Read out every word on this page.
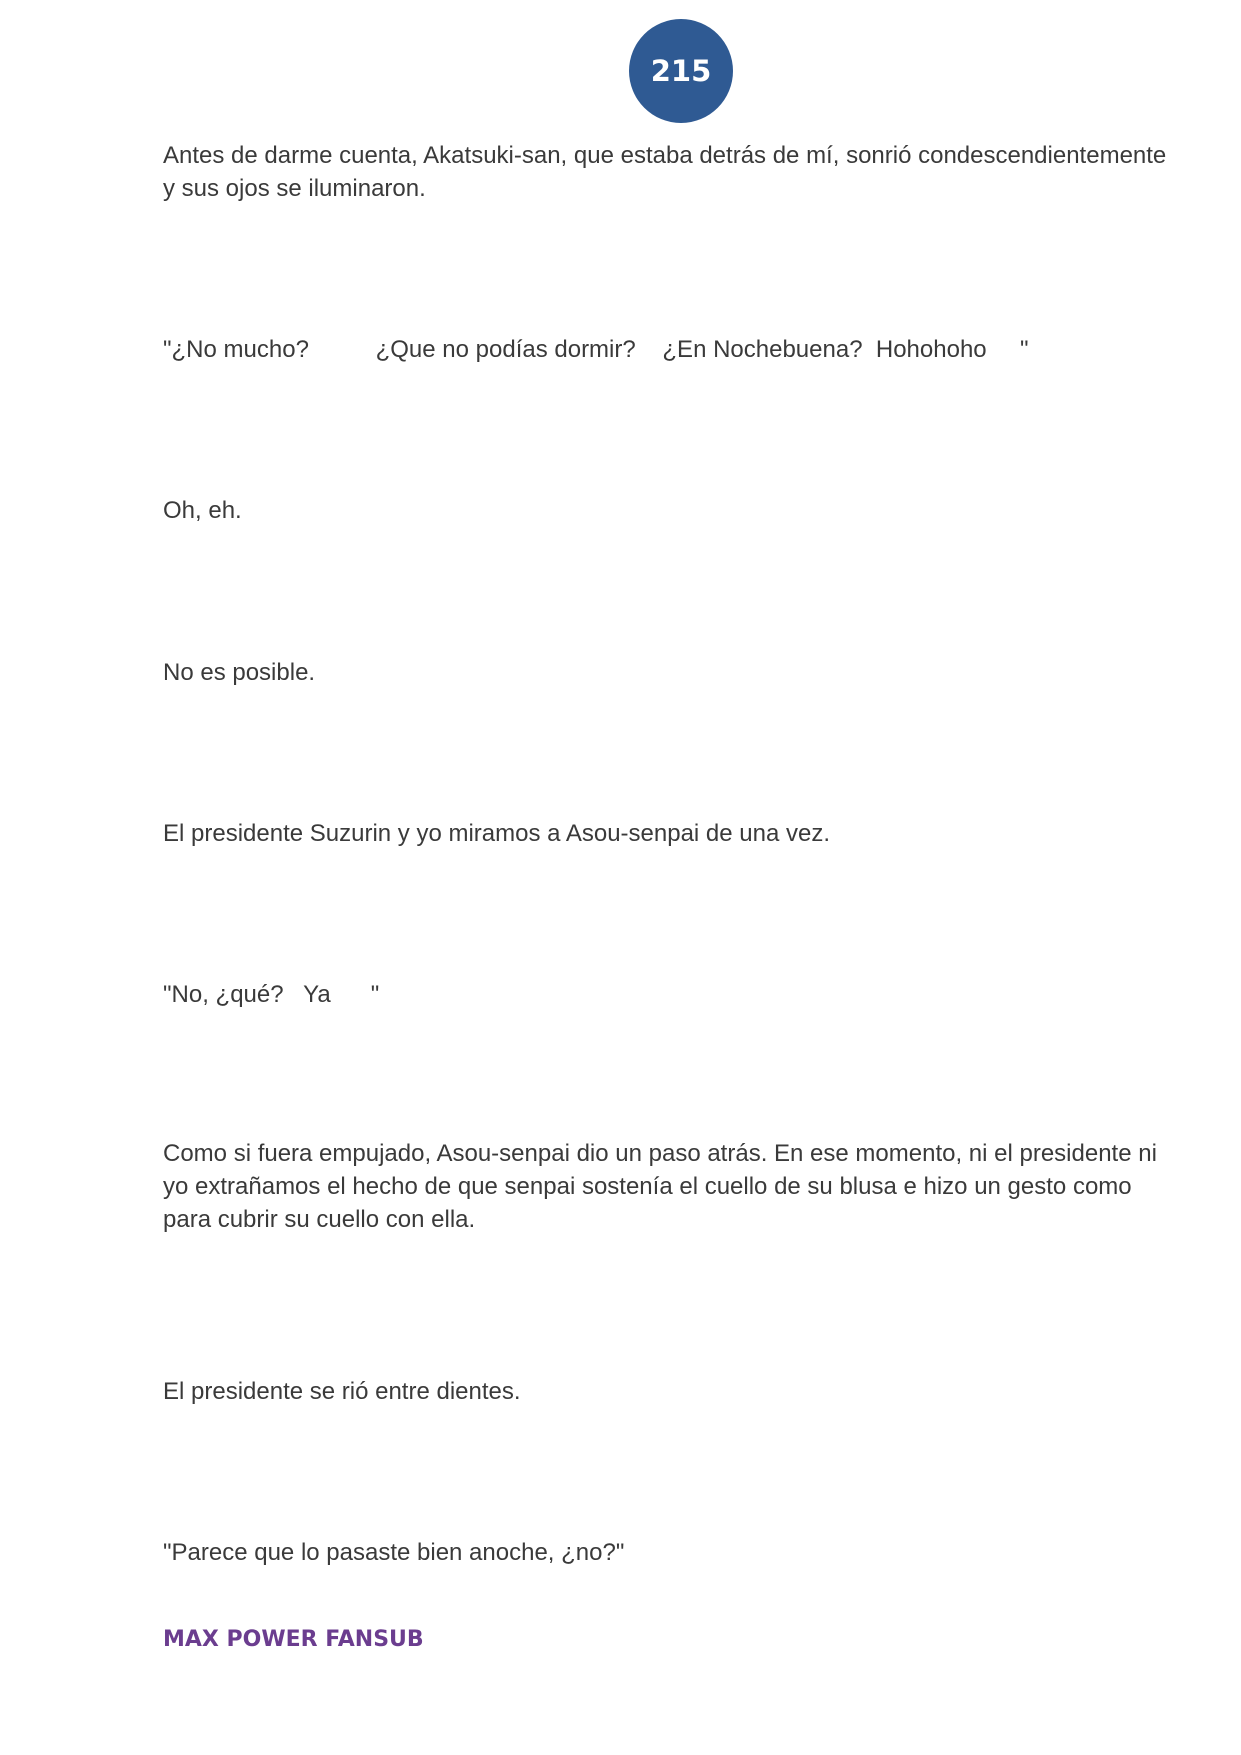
215

Antes de darme cuenta, Akatsuki-san, que estaba detrás de mí, sonrió condescendientemente y sus ojos se iluminaron.

"¿No mucho?          ¿Que no podías dormir?    ¿En Nochebuena?  Hohohoho     "

Oh, eh.

No es posible.

El presidente Suzurin y yo miramos a Asou-senpai de una vez.

"No, ¿qué?   Ya      "

Como si fuera empujado, Asou-senpai dio un paso atrás. En ese momento, ni el presidente ni yo extrañamos el hecho de que senpai sostenía el cuello de su blusa e hizo un gesto como para cubrir su cuello con ella.

El presidente se rió entre dientes.

"Parece que lo pasaste bien anoche, ¿no?"

MAX POWER FANSUB
